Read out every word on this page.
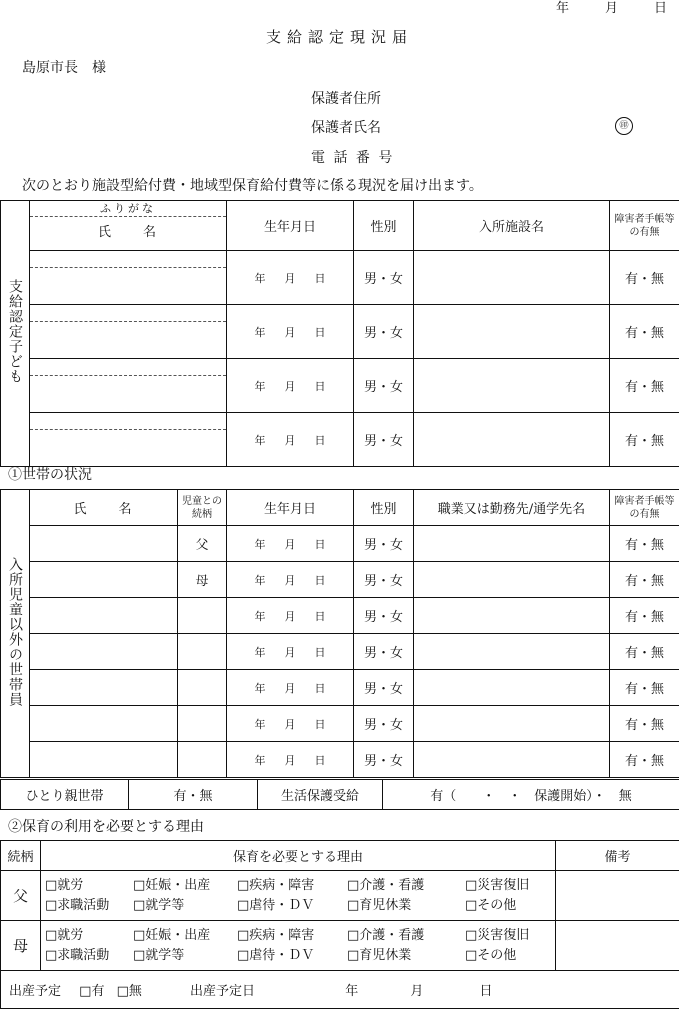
年	月	日
支給認定現況届
島原市長　様
保護者住所
保護者氏名	㊞
電 話 番 号
次のとおり施設型給付費・地域型保育給付費等に係る現況を届け出ます。
支給認定子ども	ふりがな
氏　　名	生年月日	性別	入所施設名	障害者手帳等の有無

		年 月 日	男・女		有・無

		年 月 日	男・女		有・無

		年 月 日	男・女		有・無

		年 月 日	男・女		有・無
①世帯の状況
入所児童以外の世帯員	氏　　名	児童との続柄	生年月日	性別	職業又は勤務先/通学先名	障害者手帳等の有無
		父	年 月 日	男・女		有・無
		母	年 月 日	男・女		有・無
			年 月 日	男・女		有・無
			年 月 日	男・女		有・無
			年 月 日	男・女		有・無
			年 月 日	男・女		有・無
			年 月 日	男・女		有・無
ひとり親世帯	有・無	生活保護受給	有（　　・　・　保護開始）・　無
②保育の利用を必要とする理由
続柄	保育を必要とする理由	備考
父	□就労 □妊娠・出産 □疾病・障害 □介護・看護 □災害復旧
□求職活動 □就学等 □虐待・ＤＶ □育児休業 □その他	

母	□就労 □妊娠・出産 □疾病・障害 □介護・看護 □災害復旧
□求職活動 □就学等 □虐待・ＤＶ □育児休業 □その他	

出産予定 □有 □無 出産予定日 年 月 日		
